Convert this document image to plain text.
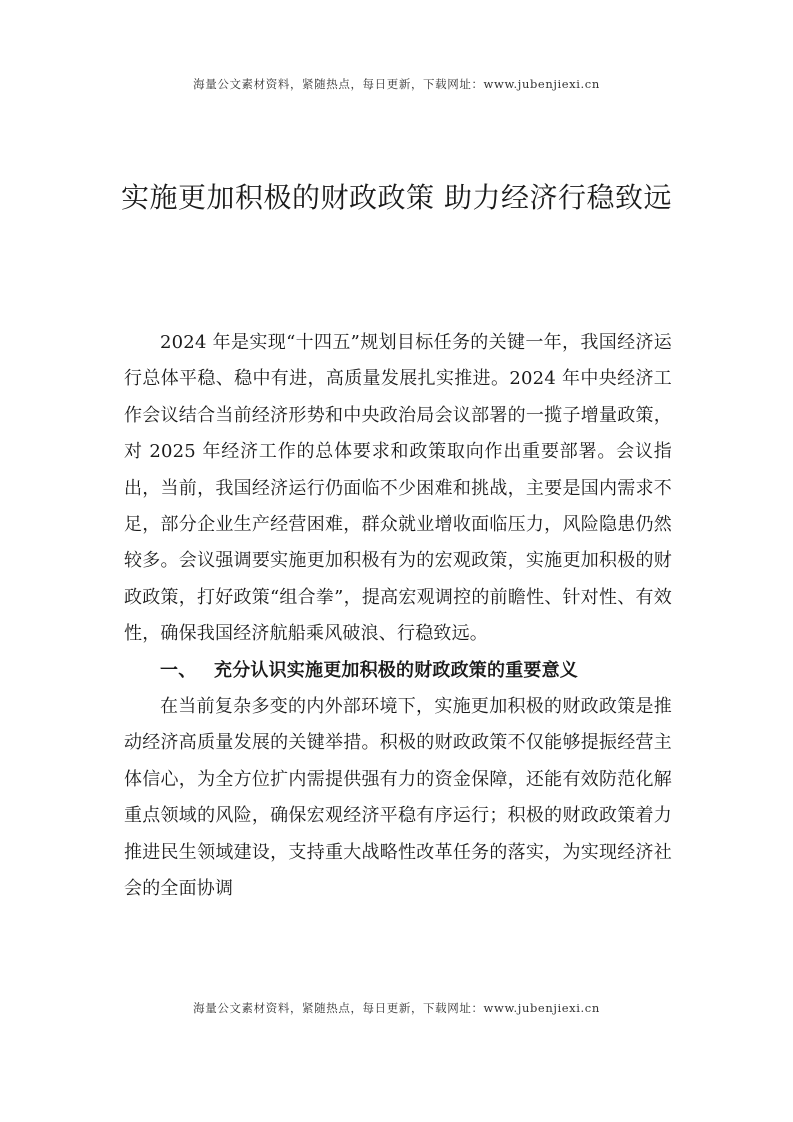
海量公文素材资料，紧随热点，每日更新，下载网址：www.jubenjiexi.cn
实施更加积极的财政政策 助力经济行稳致远

2024 年是实现“十四五”规划目标任务的关键一年，我国经济运行总体平稳、稳中有进，高质量发展扎实推进。2024 年中央经济工作会议结合当前经济形势和中央政治局会议部署的一揽子增量政策，对 2025 年经济工作的总体要求和政策取向作出重要部署。会议指出，当前，我国经济运行仍面临不少困难和挑战，主要是国内需求不足，部分企业生产经营困难，群众就业增收面临压力，风险隐患仍然较多。会议强调要实施更加积极有为的宏观政策，实施更加积极的财政政策，打好政策“组合拳”，提高宏观调控的前瞻性、针对性、有效性，确保我国经济航船乘风破浪、行稳致远。

一、 充分认识实施更加积极的财政政策的重要意义

在当前复杂多变的内外部环境下，实施更加积极的财政政策是推动经济高质量发展的关键举措。积极的财政政策不仅能够提振经营主体信心，为全方位扩内需提供强有力的资金保障，还能有效防范化解重点领域的风险，确保宏观经济平稳有序运行；积极的财政政策着力推进民生领域建设，支持重大战略性改革任务的落实，为实现经济社会的全面协调

海量公文素材资料，紧随热点，每日更新，下载网址：www.jubenjiexi.cn
